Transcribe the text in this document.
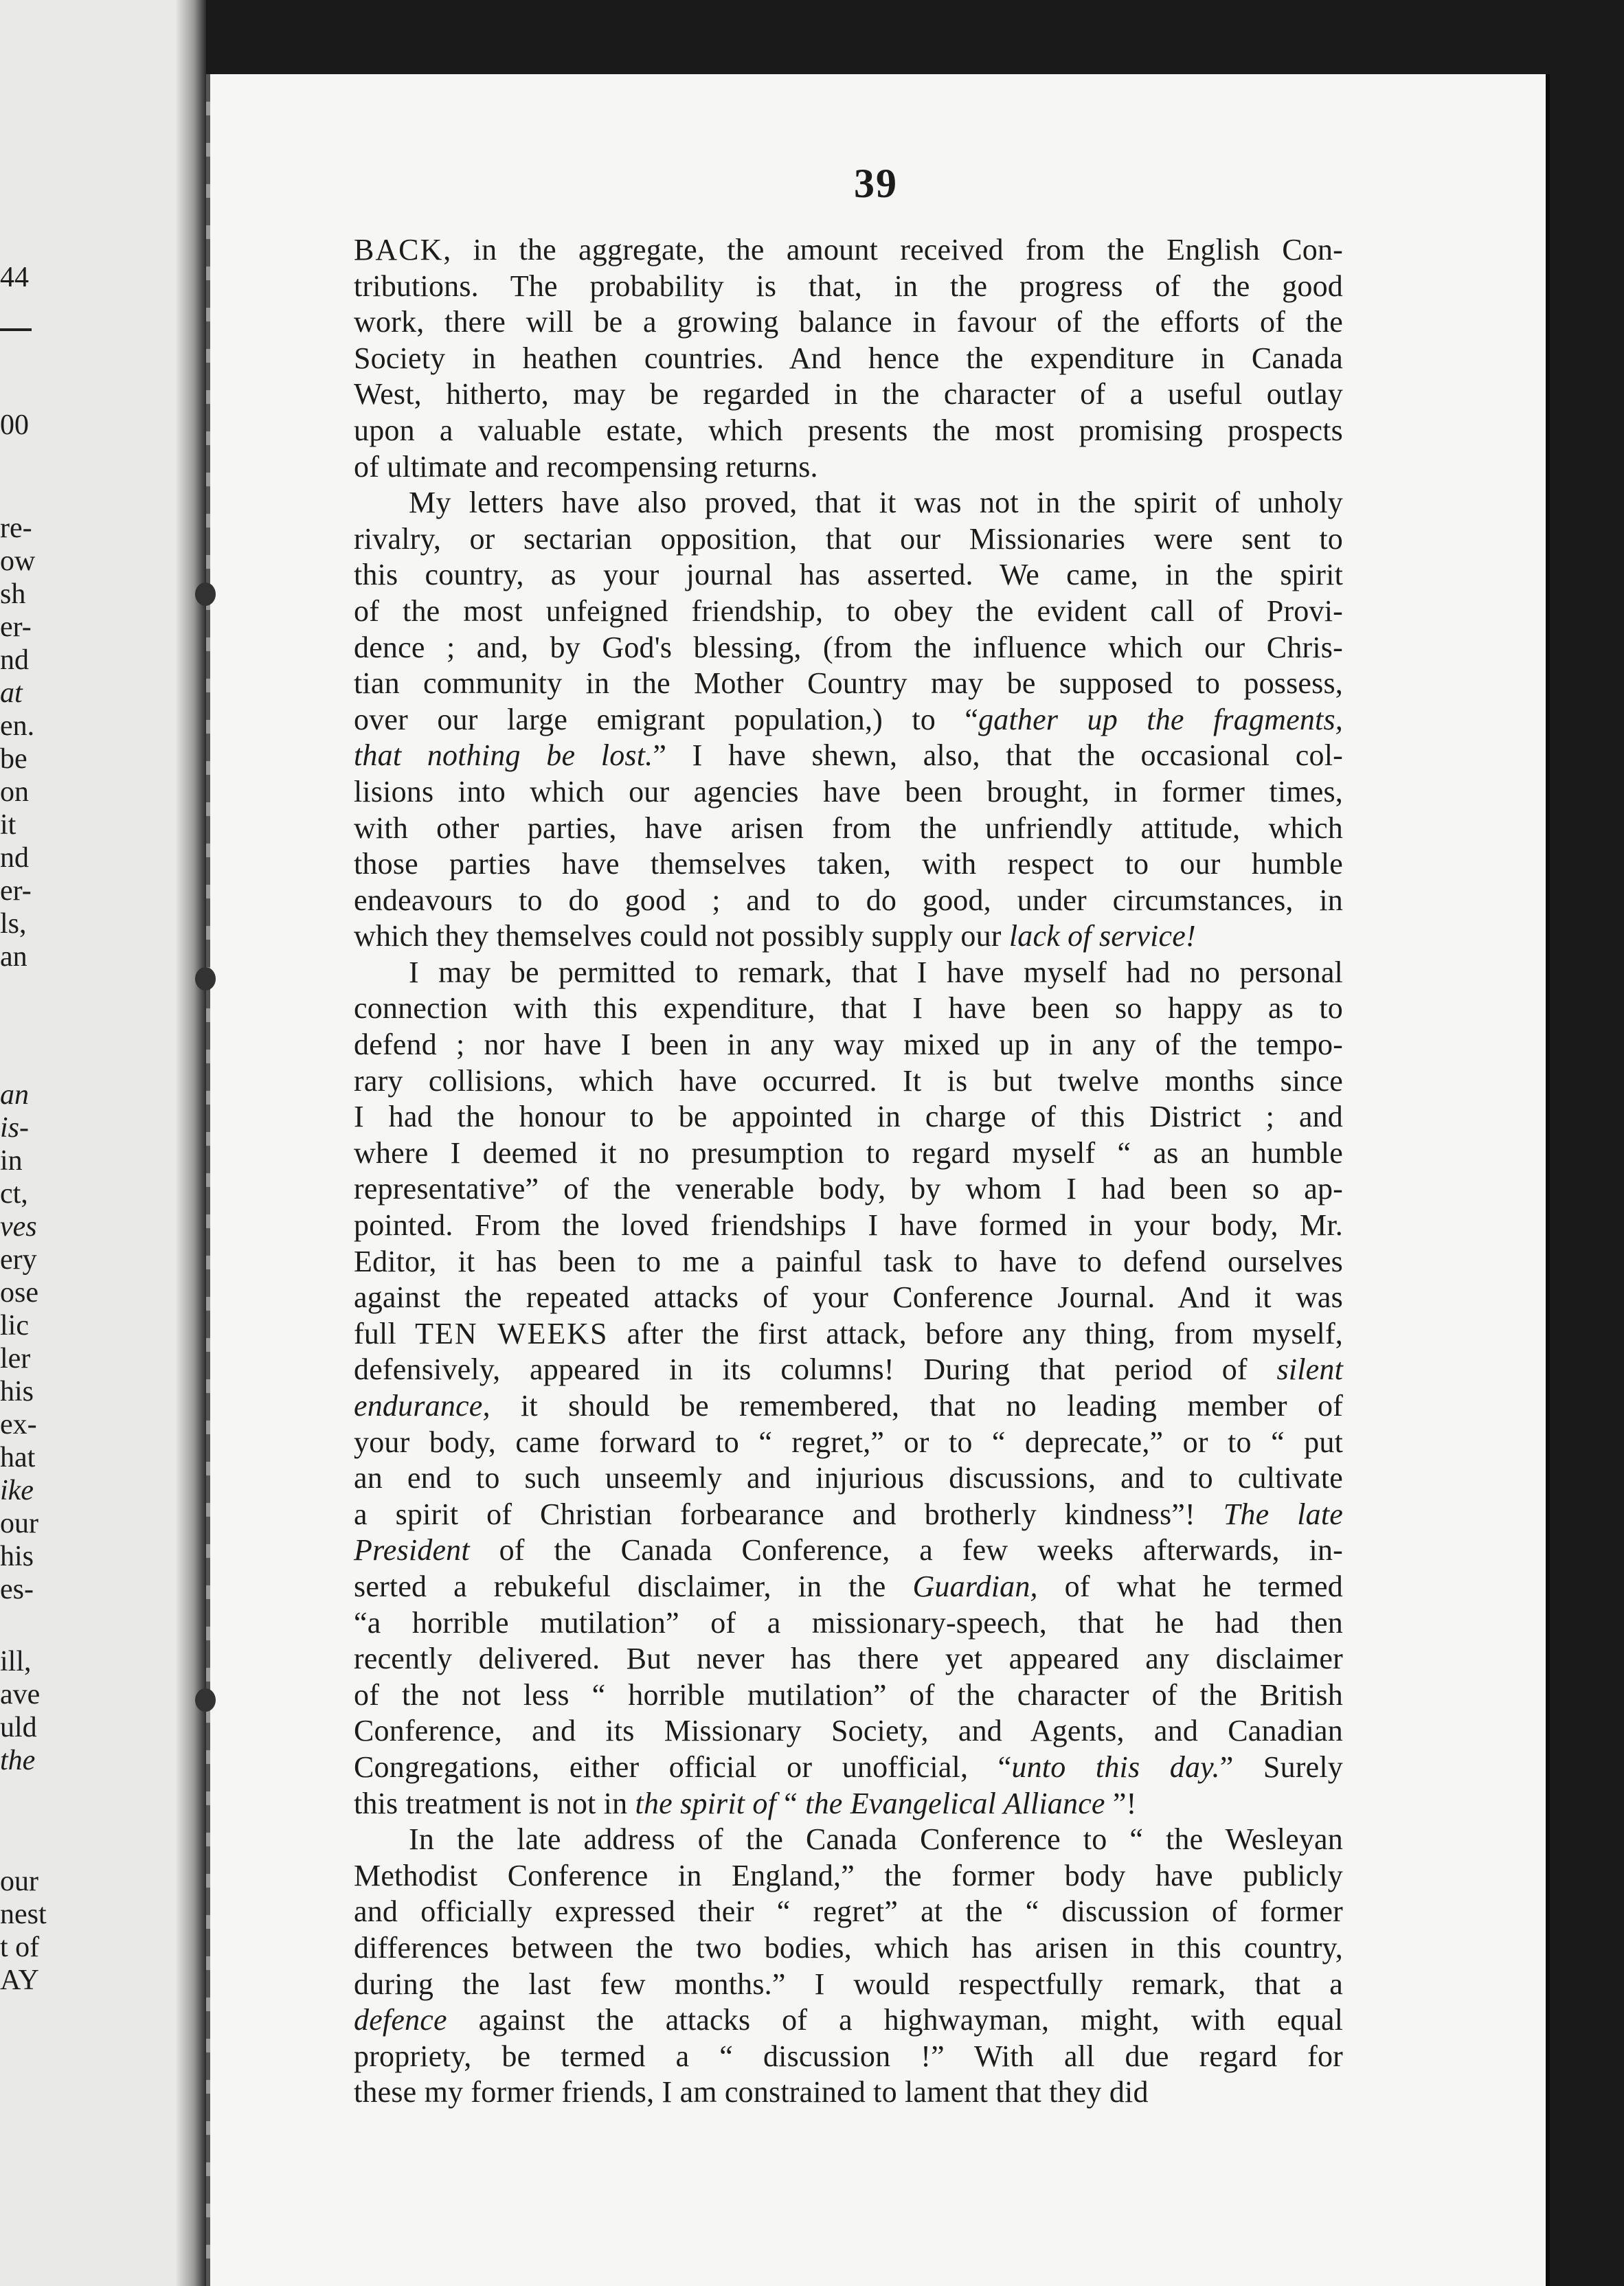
44
00
re-
ow
sh
er-
nd
at
en.
be
on
it
nd
er-
ls,
an
an
is-
in
ct,
ves
ery
ose
lic
ler
his
ex-
hat
ike
our
his
es-
ill,
ave
uld
the
our
nest
t of
AY
39
BACK, in the aggregate, the amount received from the English Con-
tributions. The probability is that, in the progress of the good
work, there will be a growing balance in favour of the efforts of the
Society in heathen countries. And hence the expenditure in Canada
West, hitherto, may be regarded in the character of a useful outlay
upon a valuable estate, which presents the most promising prospects
of ultimate and recompensing returns.
My letters have also proved, that it was not in the spirit of unholy
rivalry, or sectarian opposition, that our Missionaries were sent to
this country, as your journal has asserted. We came, in the spirit
of the most unfeigned friendship, to obey the evident call of Provi-
dence ; and, by God's blessing, (from the influence which our Chris-
tian community in the Mother Country may be supposed to possess,
over our large emigrant population,) to “gather up the fragments,
that nothing be lost.” I have shewn, also, that the occasional col-
lisions into which our agencies have been brought, in former times,
with other parties, have arisen from the unfriendly attitude, which
those parties have themselves taken, with respect to our humble
endeavours to do good ; and to do good, under circumstances, in
which they themselves could not possibly supply our lack of service!
I may be permitted to remark, that I have myself had no personal
connection with this expenditure, that I have been so happy as to
defend ; nor have I been in any way mixed up in any of the tempo-
rary collisions, which have occurred. It is but twelve months since
I had the honour to be appointed in charge of this District ; and
where I deemed it no presumption to regard myself “ as an humble
representative” of the venerable body, by whom I had been so ap-
pointed. From the loved friendships I have formed in your body, Mr.
Editor, it has been to me a painful task to have to defend ourselves
against the repeated attacks of your Conference Journal. And it was
full TEN WEEKS after the first attack, before any thing, from myself,
defensively, appeared in its columns! During that period of silent
endurance, it should be remembered, that no leading member of
your body, came forward to “ regret,” or to “ deprecate,” or to “ put
an end to such unseemly and injurious discussions, and to cultivate
a spirit of Christian forbearance and brotherly kindness”! The late
President of the Canada Conference, a few weeks afterwards, in-
serted a rebukeful disclaimer, in the Guardian, of what he termed
“a horrible mutilation” of a missionary-speech, that he had then
recently delivered. But never has there yet appeared any disclaimer
of the not less “ horrible mutilation” of the character of the British
Conference, and its Missionary Society, and Agents, and Canadian
Congregations, either official or unofficial, “unto this day.” Surely
this treatment is not in the spirit of “ the Evangelical Alliance ”!
In the late address of the Canada Conference to “ the Wesleyan
Methodist Conference in England,” the former body have publicly
and officially expressed their “ regret” at the “ discussion of former
differences between the two bodies, which has arisen in this country,
during the last few months.” I would respectfully remark, that a
defence against the attacks of a highwayman, might, with equal
propriety, be termed a “ discussion !” With all due regard for
these my former friends, I am constrained to lament that they did
